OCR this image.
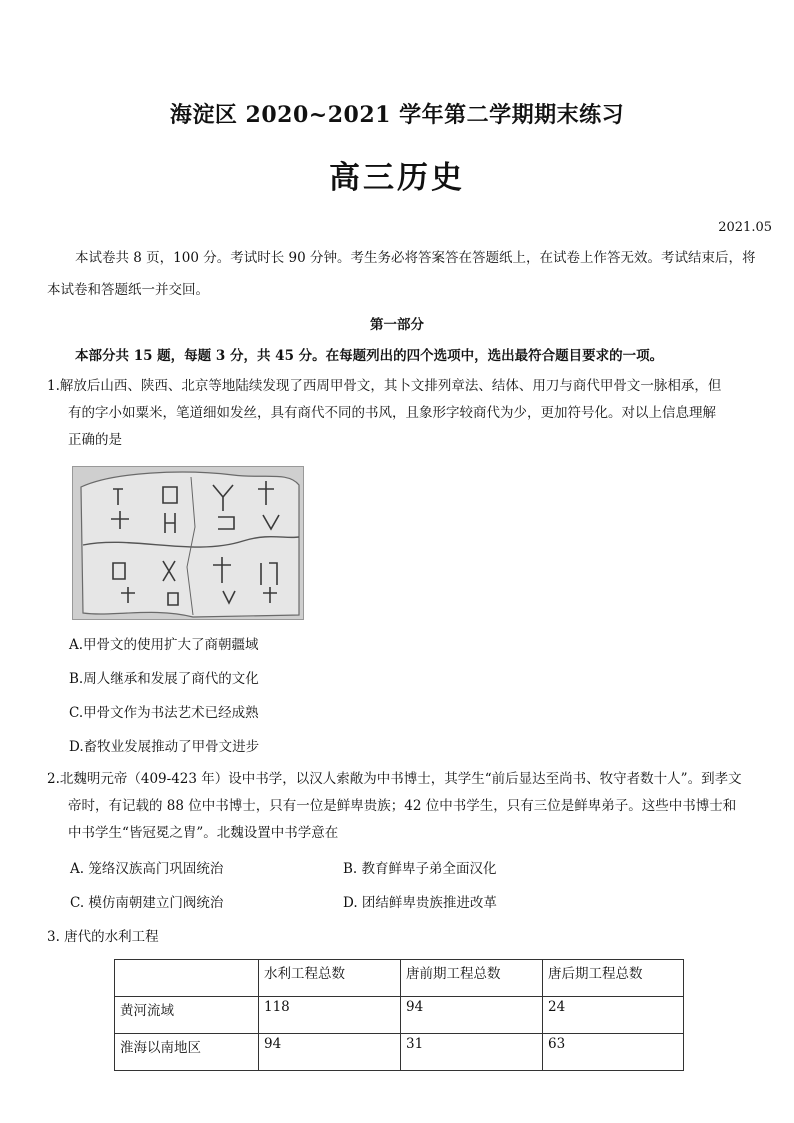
海淀区 2020~2021 学年第二学期期末练习
高三历史
2021.05
本试卷共 8 页，100 分。考试时长 90 分钟。考生务必将答案答在答题纸上，在试卷上作答无效。考试结束后，将本试卷和答题纸一并交回。
第一部分
本部分共 15 题，每题 3 分，共 45 分。在每题列出的四个选项中，选出最符合题目要求的一项。
1.解放后山西、陕西、北京等地陆续发现了西周甲骨文，其卜文排列章法、结体、用刀与商代甲骨文一脉相承，但
有的字小如粟米，笔道细如发丝，具有商代不同的书风，且象形字较商代为少，更加符号化。对以上信息理解
正确的是
A.甲骨文的使用扩大了商朝疆域
B.周人继承和发展了商代的文化
C.甲骨文作为书法艺术已经成熟
D.畜牧业发展推动了甲骨文进步
2.北魏明元帝（409-423 年）设中书学，以汉人索敞为中书博士，其学生“前后显达至尚书、牧守者数十人”。到孝文
帝时，有记载的 88 位中书博士，只有一位是鲜卑贵族；42 位中书学生，只有三位是鲜卑弟子。这些中书博士和
中书学生“皆冠冕之胄”。北魏设置中书学意在
A. 笼络汉族高门巩固统治	B. 教育鲜卑子弟全面汉化
C. 模仿南朝建立门阀统治	D. 团结鲜卑贵族推进改革
3. 唐代的水利工程
	水利工程总数	唐前期工程总数	唐后期工程总数
黄河流域	118	94	24
淮海以南地区	94	31	63
